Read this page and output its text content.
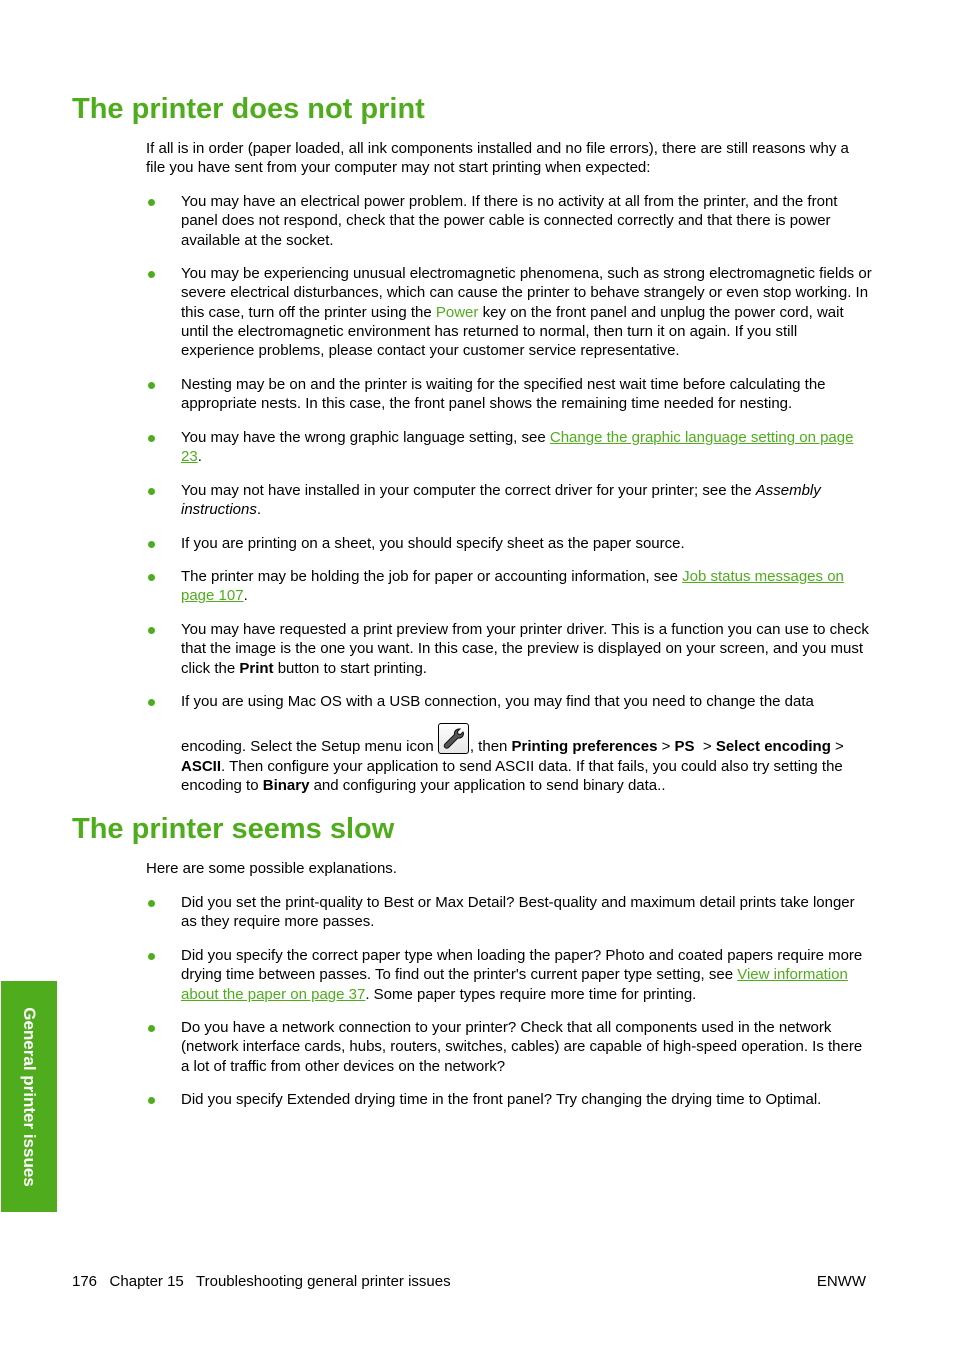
The printer does not print

If all is in order (paper loaded, all ink components installed and no file errors), there are still reasons why a file you have sent from your computer may not start printing when expected:

You may have an electrical power problem. If there is no activity at all from the printer, and the front panel does not respond, check that the power cable is connected correctly and that there is power available at the socket.
You may be experiencing unusual electromagnetic phenomena, such as strong electromagnetic fields or severe electrical disturbances, which can cause the printer to behave strangely or even stop working. In this case, turn off the printer using the Power key on the front panel and unplug the power cord, wait until the electromagnetic environment has returned to normal, then turn it on again. If you still experience problems, please contact your customer service representative.
Nesting may be on and the printer is waiting for the specified nest wait time before calculating the appropriate nests. In this case, the front panel shows the remaining time needed for nesting.
You may have the wrong graphic language setting, see Change the graphic language setting on page 23.
You may not have installed in your computer the correct driver for your printer; see the Assembly instructions.
If you are printing on a sheet, you should specify sheet as the paper source.
The printer may be holding the job for paper or accounting information, see Job status messages on page 107.
You may have requested a print preview from your printer driver. This is a function you can use to check that the image is the one you want. In this case, the preview is displayed on your screen, and you must click the Print button to start printing.
If you are using Mac OS with a USB connection, you may find that you need to change the data
encoding. Select the Setup menu icon
, then Printing preferences > PS  > Select encoding > ASCII. Then configure your application to send ASCII data. If that fails, you could also try setting the encoding to Binary and configuring your application to send binary data..
The printer seems slow

Here are some possible explanations.

Did you set the print-quality to Best or Max Detail? Best-quality and maximum detail prints take longer as they require more passes.
Did you specify the correct paper type when loading the paper? Photo and coated papers require more drying time between passes. To find out the printer's current paper type setting, see View information about the paper on page 37. Some paper types require more time for printing.
Do you have a network connection to your printer? Check that all components used in the network (network interface cards, hubs, routers, switches, cables) are capable of high-speed operation. Is there a lot of traffic from other devices on the network?
Did you specify Extended drying time in the front panel? Try changing the drying time to Optimal.
General printer issues
176 Chapter 15 Troubleshooting general printer issues	ENWW
